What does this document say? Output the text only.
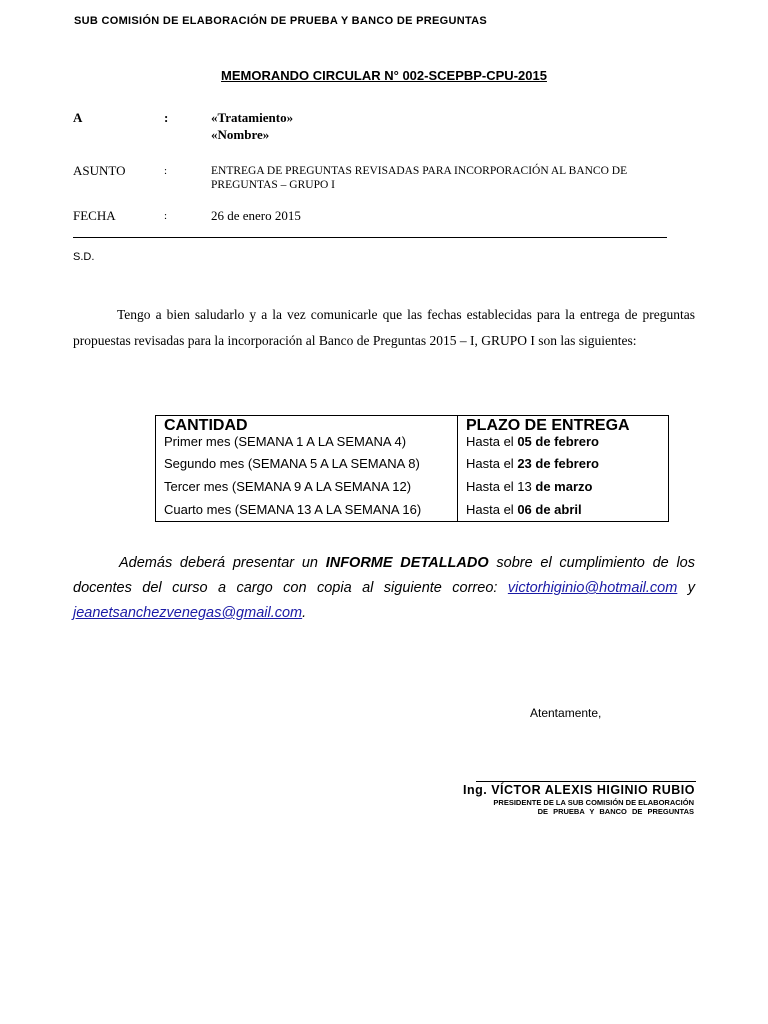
SUB COMISIÓN DE ELABORACIÓN DE PRUEBA Y BANCO DE PREGUNTAS
MEMORANDO CIRCULAR N° 002-SCEPBP-CPU-2015
A	:	«Tratamiento»
«Nombre»
ASUNTO	:	ENTREGA DE PREGUNTAS REVISADAS PARA INCORPORACIÓN AL BANCO DE
PREGUNTAS – GRUPO I
FECHA	:	26 de enero 2015
S.D.
Tengo a bien saludarlo y a la vez comunicarle que las fechas establecidas para la entrega de preguntas propuestas revisadas para la incorporación al Banco de Preguntas 2015 – I, GRUPO I son las siguientes:
CANTIDAD	PLAZO DE ENTREGA
Primer mes (SEMANA 1 A LA SEMANA 4)	Hasta el 05 de febrero
Segundo mes (SEMANA 5 A LA SEMANA 8)	Hasta el 23 de febrero
Tercer mes (SEMANA 9 A LA SEMANA 12)	Hasta el 13 de marzo
Cuarto mes (SEMANA 13 A LA SEMANA 16)	Hasta el 06 de abril
Además deberá presentar un INFORME DETALLADO sobre el cumplimiento de los docentes del curso a cargo con copia al siguiente correo: victorhiginio@hotmail.com y jeanetsanchezvenegas@gmail.com.
Atentamente,
Ing. VÍCTOR ALEXIS HIGINIO RUBIO
PRESIDENTE DE LA SUB COMISIÓN DE ELABORACIÓN
DE PRUEBA Y BANCO DE PREGUNTAS
